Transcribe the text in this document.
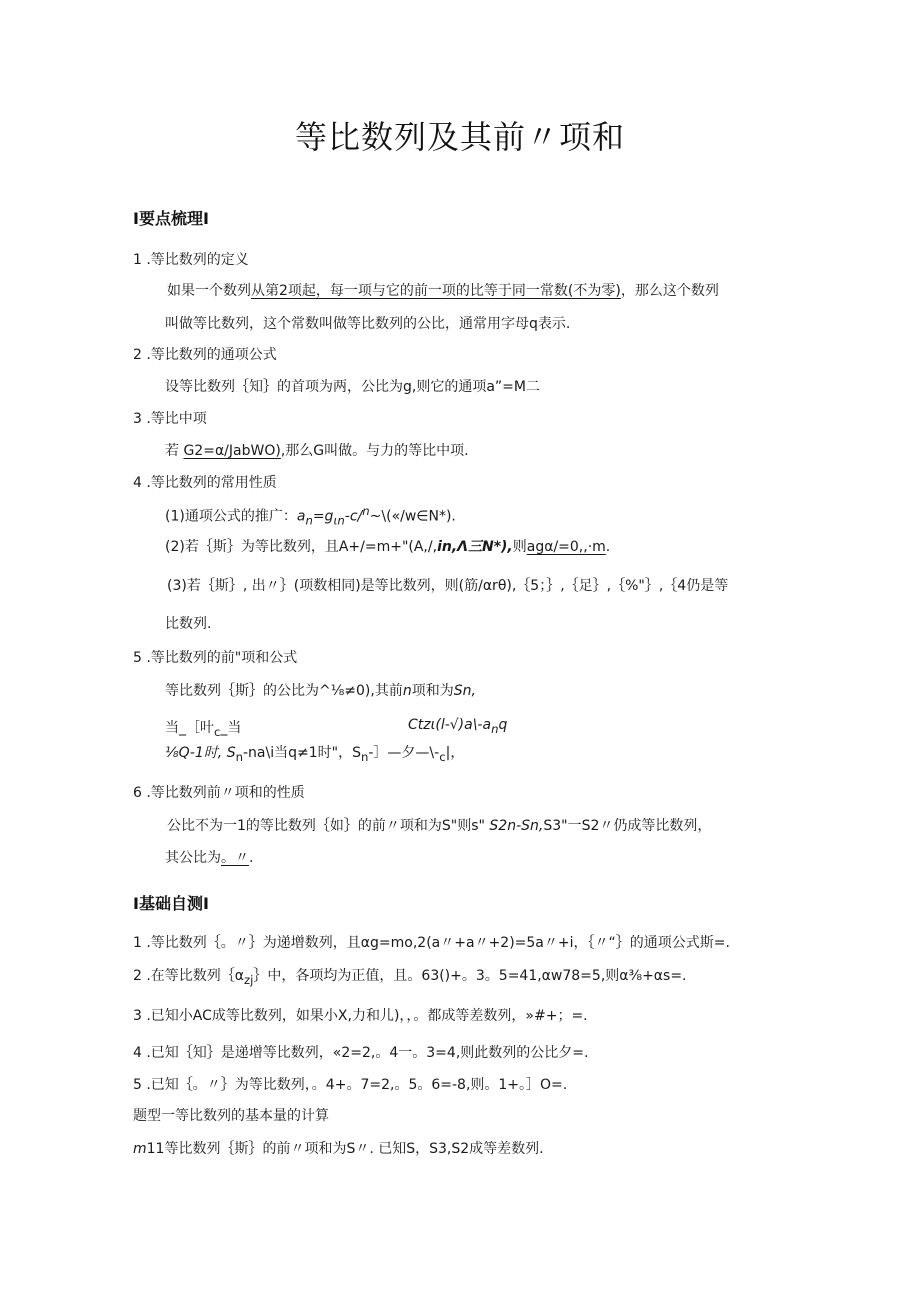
等比数列及其前〃项和
I要点梳理I
1 .等比数列的定义
如果一个数列从第2项起，每一项与它的前一项的比等于同一常数(不为零)，那么这个数列
叫做等比数列，这个常数叫做等比数列的公比，通常用字母q表示.
2 .等比数列的通项公式
设等比数列｛知｝的首项为两，公比为g,则它的通项a”=M二
3 .等比中项
若 G2=α/JabWO),那么G叫做。与力的等比中项.
4 .等比数列的常用性质
(1)通项公式的推广：$a_n=g_{\iota n}-c/^n\sim\backslash(«/w\in N*)$.
(2)若｛斯｝为等比数列，且A+/=m+"(A,/,in,Λ三N*),则agα/=0,,·m.
(3)若｛斯｝, 出〃｝(项数相同)是等比数列，则(筋/αrθ),｛5；｝,｛足｝,｛%"｝,｛4仍是等
比数列.
5 .等比数列的前"项和公式
等比数列｛斯｝的公比为^⅛≠0),其前n项和为Sn,
当_［叶$_c$_当	$Ctz\iota(l-√)a\backslash-a_nq$
⅛Q-1时, $S_n-na\backslash i$当q≠1时"，$S_n-]—$夕$—\backslash-_c|$，
6 .等比数列前〃项和的性质
公比不为一1的等比数列｛如｝的前〃项和为S"则s" S2n-Sn,S3"一S2〃仍成等比数列，
其公比为。〃.
I基础自测I
1 .等比数列｛。〃｝为递增数列，且αg=mo,2(a〃+a〃+2)=5a〃+i，｛〃“｝的通项公式斯=.
2 .在等比数列$\{\alpha_{zj}\}$中，各项均为正值，且。63()+。3。5=41,αw78=5,则α⅜+αs=.
3 .已知小AC成等比数列，如果小X,力和儿)，，。都成等差数列，»#+；=.
4 .已知｛知｝是递增等比数列，«2=2,。4一。3=4,则此数列的公比夕=.
5 .已知｛。〃｝为等比数列，。4+。7=2,。5。6=-8,则。1+。］O=.
题型一等比数列的基本量的计算
m11等比数列｛斯｝的前〃项和为S〃. 已知S，S3,S2成等差数列.
